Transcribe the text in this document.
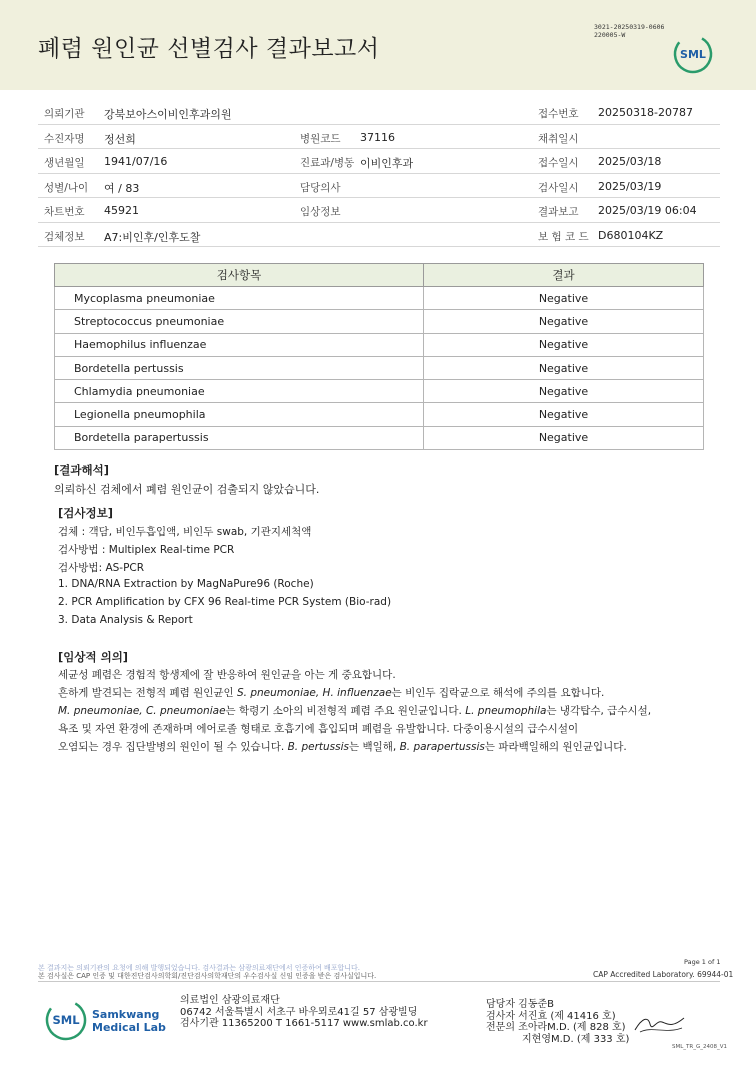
폐렴 원인균 선별검사 결과보고서
3021-20250319-0606
220005-W
SML
의뢰기관 강북보아스이비인후과의원	접수번호 20250318-20787
수진자명 정선희	병원코드 37116	채취일시
생년월일 1941/07/16	진료과/병동 이비인후과	접수일시 2025/03/18
성별/나이 여 / 83	담당의사	검사일시 2025/03/19
차트번호 45921	임상정보	결과보고 2025/03/19 06:04
검체정보 A7:비인후/인후도찰	보 험 코 드 D680104KZ
검사항목	결과
Mycoplasma pneumoniae	Negative
Streptococcus pneumoniae	Negative
Haemophilus influenzae	Negative
Bordetella pertussis	Negative
Chlamydia pneumoniae	Negative
Legionella pneumophila	Negative
Bordetella parapertussis	Negative
[결과해석]
의뢰하신 검체에서 폐렴 원인균이 검출되지 않았습니다.
[검사정보]
검체 : 객담, 비인두흡입액, 비인두 swab, 기관지세척액
검사방법 : Multiplex Real-time PCR
검사방법: AS-PCR
1. DNA/RNA Extraction by MagNaPure96 (Roche)
2. PCR Amplification by CFX 96 Real-time PCR System (Bio-rad)
3. Data Analysis & Report
[임상적 의의]
세균성 폐렴은 경험적 항생제에 잘 반응하여 원인균을 아는 게 중요합니다.
흔하게 발견되는 전형적 폐렴 원인균인 S. pneumoniae, H. influenzae는 비인두 집락균으로 해석에 주의를 요합니다.
M. pneumoniae, C. pneumoniae는 학령기 소아의 비전형적 폐렴 주요 원인균입니다. L. pneumophila는 냉각탑수, 급수시설,
욕조 및 자연 환경에 존재하며 에어로졸 형태로 호흡기에 흡입되며 폐렴을 유발합니다. 다중이용시설의 급수시설이
오염되는 경우 집단발병의 원인이 될 수 있습니다. B. pertussis는 백일해, B. parapertussis는 파라백일해의 원인균입니다.
Page 1 of 1
본 결과지는 의뢰기관의 요청에 의해 발행되었습니다. 검사결과는 삼광의료재단에서 인증하여 배포합니다.
본 검사실은 CAP 인증 및 대한진단검사의학회/진단검사의학재단의 우수검사실 신임 인증을 받은 검사실입니다.	CAP Accredited Laboratory. 69944-01
SML Samkwang
Medical Lab
의료법인 삼광의료재단
06742 서울특별시 서초구 바우뫼로41길 57 삼광빌딩
검사기관 11365200 T 1661-5117 www.smlab.co.kr
담당자 김동준B
검사자 서진효 (제 41416 호)
전문의 조아라M.D. (제 828 호)
지현영M.D. (제 333 호)
SML_TR_G_2408_V1
